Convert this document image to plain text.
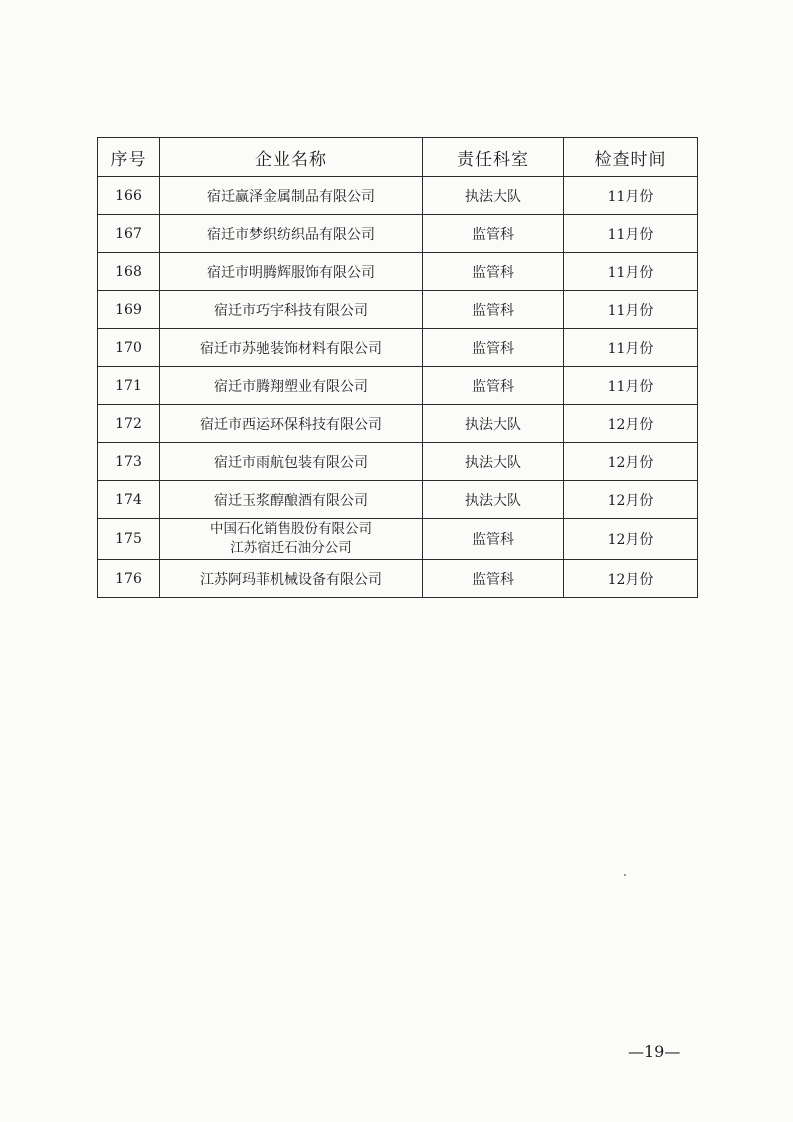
序号	企业名称	责任科室	检查时间
166	宿迁赢泽金属制品有限公司	执法大队	11月份
167	宿迁市梦织纺织品有限公司	监管科	11月份
168	宿迁市明腾辉服饰有限公司	监管科	11月份
169	宿迁市巧宇科技有限公司	监管科	11月份
170	宿迁市苏驰装饰材料有限公司	监管科	11月份
171	宿迁市腾翔塑业有限公司	监管科	11月份
172	宿迁市西运环保科技有限公司	执法大队	12月份
173	宿迁市雨航包装有限公司	执法大队	12月份
174	宿迁玉浆醇酿酒有限公司	执法大队	12月份
175	中国石化销售股份有限公司
江苏宿迁石油分公司	监管科	12月份
176	江苏阿玛菲机械设备有限公司	监管科	12月份
—19—
